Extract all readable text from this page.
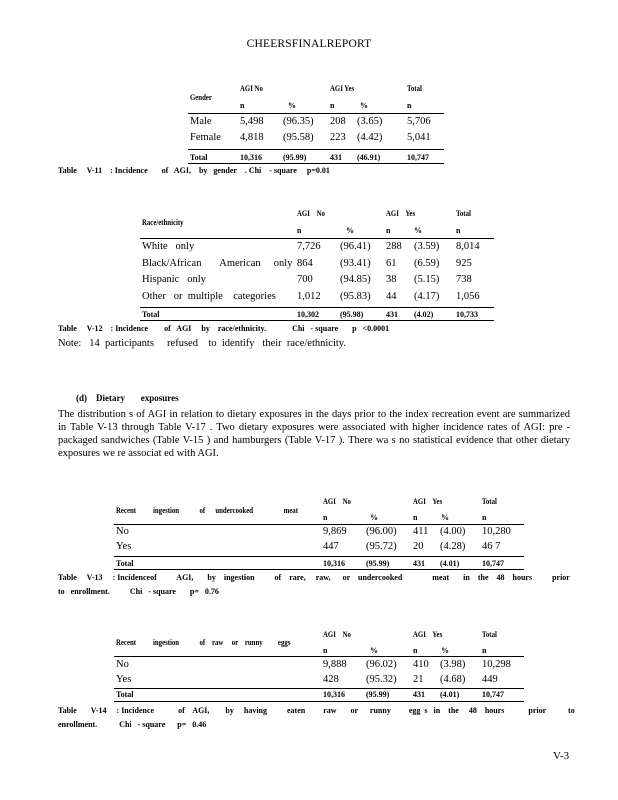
CHEERSFINALREPORT
Gender
AGI No	AGI Yes	Total
n	%	n	%	n
Male	5,498 (96.35) 208 (3.65) 5,706
Female 4,818 (95.58) 223 (4.42) 5,041
Total	10,316	(95.99)	431 (46.91)	10,747
Table     V-11    : Incidence       of   AGI,    by   gender    . Chi    - square     p=0.01
Race/ethnicity
AGI    No	AGI    Yes	Total
n	%	n	%	n
White   only	7,726 (96.41) 288 (3.59) 8,014
Black/African       American     only 864	(93.41) 61 (6.59) 925
Hispanic   only	700	(94.85) 38 (5.15) 738
Other   or  multiple    categories 1,012 (95.83) 44 (4.17) 1,056
Total	10,302	(95.98)	431 (4.02)	10,733
Table     V-12    : Incidence        of   AGI     by    race/ethnicity.             Chi   - square       p   <0.0001
Note:   14  participants     refused    to  identify   their  race/ethnicity.
(d)    Dietary       exposures
The distribution s of AGI in relation to dietary exposures in the days prior to the index recreation event are summarized in Table V-13 through Table V-17 . Two dietary exposures were associated with higher incidence rates of AGI: pre -packaged sandwiches (Table V-15 ) and hamburgers (Table V-17 ). There wa s no statistical evidence that other dietary exposures we re associat ed with AGI.
Recent          ingestion            of      undercooked                  meat
AGI    No	AGI    Yes	Total
n	%	n	%	n
No	9,869 (96.00) 411 (4.00) 10,280
Yes	447	(95.72) 20 (4.28) 46 7
Total	10,316	(95.99)	431 (4.01)	10,747
Table     V-13     : Incidenceof          AGI,       by    ingestion          of    rare,     raw,      or    undercooked               meat       in    the    48    hours          prior
to   enrollment.          Chi   - square       p=   0.76
Recent          ingestion            of    raw     or    runny         eggs
AGI    No	AGI    Yes	Total
n	%	n	%	n
No	9,888 (96.02) 410 (3.98) 10,298
Yes	428	(95.32) 21 (4.68) 449
Total	10,316	(95.99)	431 (4.01)	10,747
Table       V-14     : Incidence            of    AGI,        by     having          eaten         raw       or      runny         egg  s   in    the     48    hours            prior           to
enrollment.           Chi   - square      p=   0.46
V-3
